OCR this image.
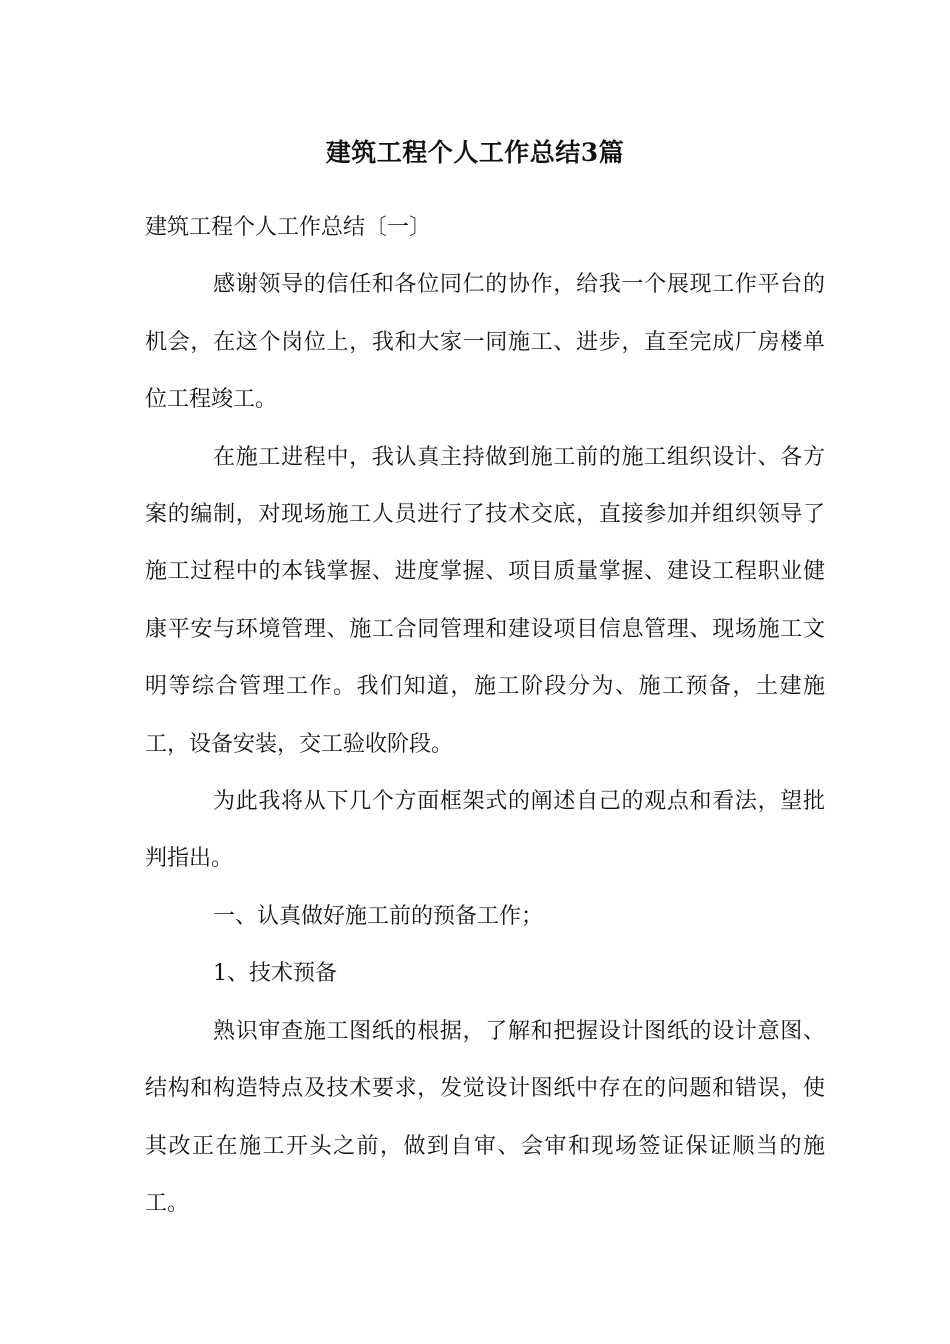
建筑工程个人工作总结3篇

建筑工程个人工作总结〔一〕

感谢领导的信任和各位同仁的协作，给我一个展现工作平台的机会，在这个岗位上，我和大家一同施工、进步，直至完成厂房楼单位工程竣工。

在施工进程中，我认真主持做到施工前的施工组织设计、各方案的编制，对现场施工人员进行了技术交底，直接参加并组织领导了施工过程中的本钱掌握、进度掌握、项目质量掌握、建设工程职业健康平安与环境管理、施工合同管理和建设项目信息管理、现场施工文明等综合管理工作。我们知道，施工阶段分为、施工预备，土建施工，设备安装，交工验收阶段。

为此我将从下几个方面框架式的阐述自己的观点和看法，望批判指出。

一、认真做好施工前的预备工作；

1、技术预备

熟识审查施工图纸的根据，了解和把握设计图纸的设计意图、结构和构造特点及技术要求，发觉设计图纸中存在的问题和错误，使其改正在施工开头之前，做到自审、会审和现场签证保证顺当的施工。
